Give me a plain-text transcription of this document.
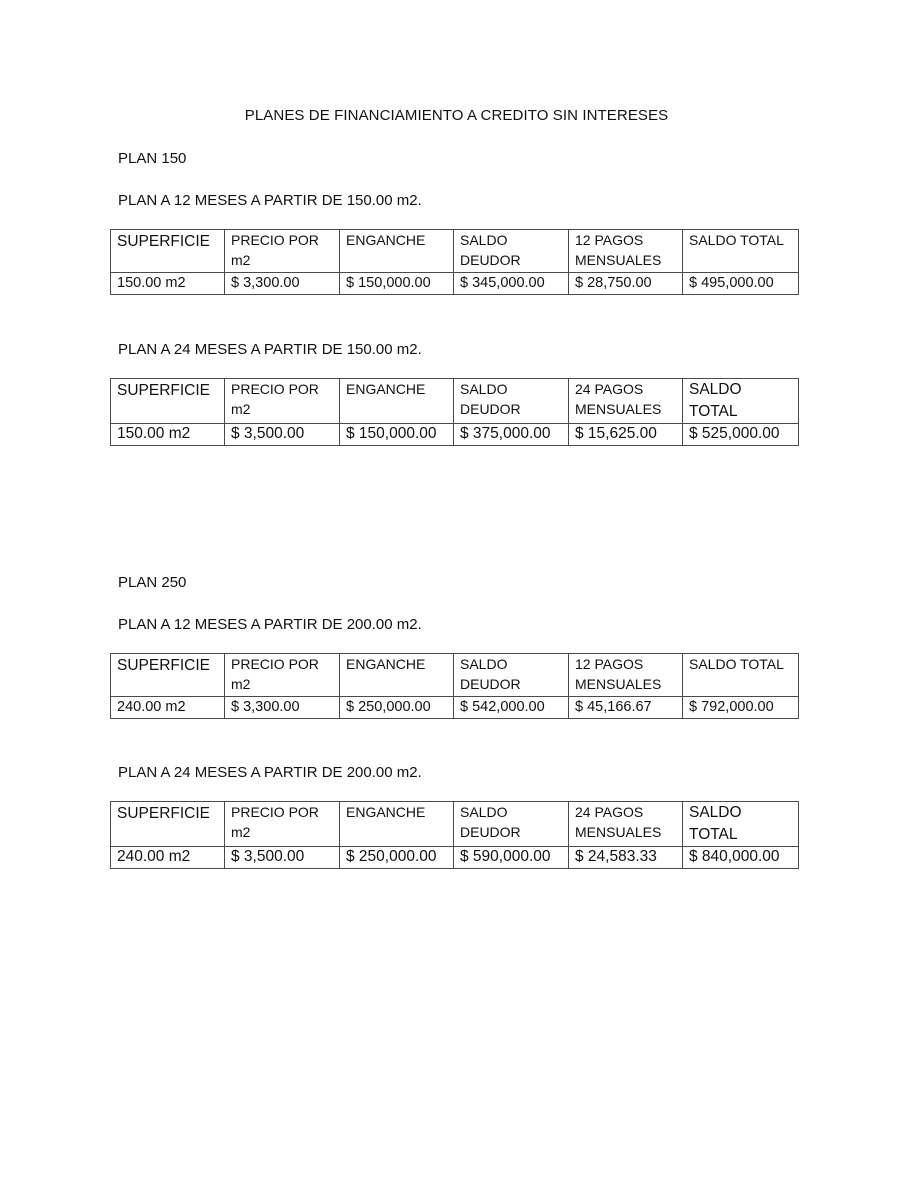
PLANES DE FINANCIAMIENTO A CREDITO SIN INTERESES
PLAN 150
PLAN A 12 MESES A PARTIR DE 150.00 m2.
SUPERFICIE	PRECIO POR m2	ENGANCHE	SALDO DEUDOR	12 PAGOS MENSUALES	SALDO TOTAL
150.00 m2	$ 3,300.00	$ 150,000.00	$ 345,000.00	$ 28,750.00	$ 495,000.00
PLAN A 24 MESES A PARTIR DE 150.00 m2.
SUPERFICIE	PRECIO POR m2	ENGANCHE	SALDO DEUDOR	24 PAGOS MENSUALES	SALDO TOTAL
150.00 m2	$ 3,500.00	$ 150,000.00	$ 375,000.00	$ 15,625.00	$ 525,000.00
PLAN 250
PLAN A 12 MESES A PARTIR DE 200.00 m2.
SUPERFICIE	PRECIO POR m2	ENGANCHE	SALDO DEUDOR	12 PAGOS MENSUALES	SALDO TOTAL
240.00 m2	$ 3,300.00	$ 250,000.00	$ 542,000.00	$ 45,166.67	$ 792,000.00
PLAN A 24 MESES A PARTIR DE 200.00 m2.
SUPERFICIE	PRECIO POR m2	ENGANCHE	SALDO DEUDOR	24 PAGOS MENSUALES	SALDO TOTAL
240.00 m2	$ 3,500.00	$ 250,000.00	$ 590,000.00	$ 24,583.33	$ 840,000.00
